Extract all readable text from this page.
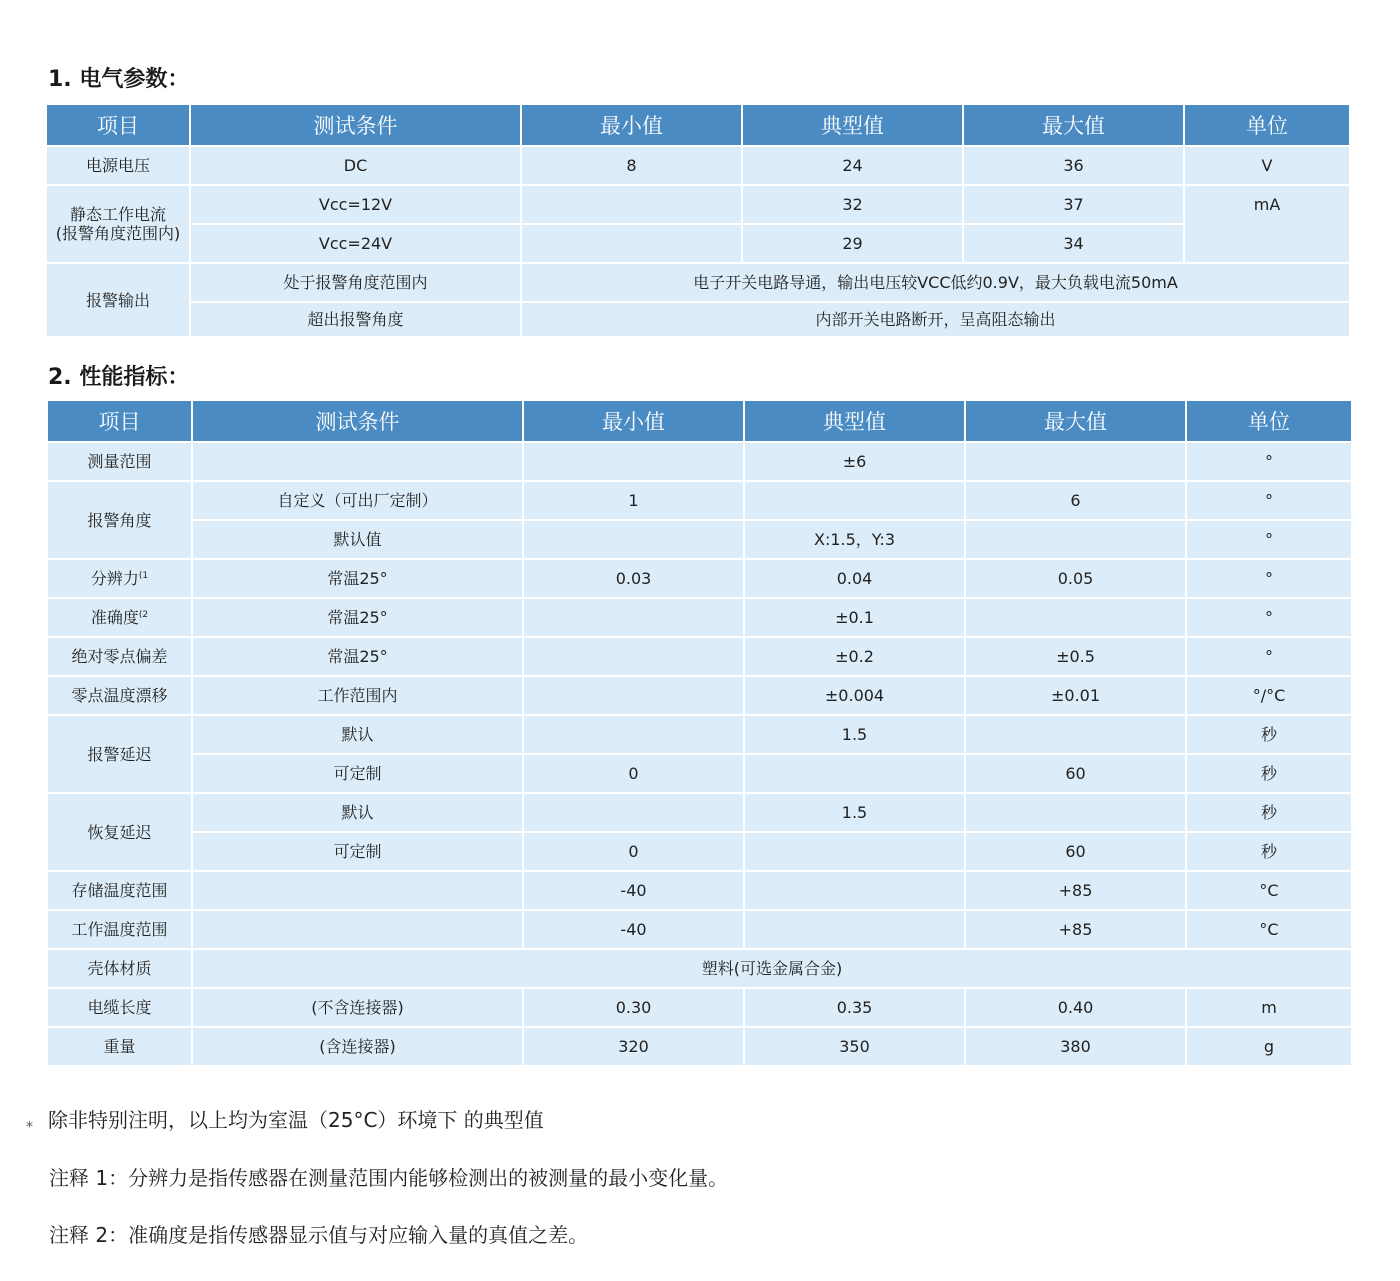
1. 电气参数：
项目	测试条件	最小值	典型值	最大值	单位
电源电压	DC	8	24	36	V
静态工作电流
(报警角度范围内)	Vcc=12V		32	37	mA
	Vcc=24V		29	34	
报警输出	处于报警角度范围内	电子开关电路导通，输出电压较VCC低约0.9V，最大负载电流50mA			
	超出报警角度	内部开关电路断开，呈高阻态输出			
2. 性能指标：
项目	测试条件	最小值	典型值	最大值	单位
测量范围			±6		°
报警角度	自定义（可出厂定制）	1		6	°
	默认值		X:1.5，Y:3		°
分辨力$^{(1}$	常温25°	0.03	0.04	0.05	°
准确度$^{(2}$	常温25°		±0.1		°
绝对零点偏差	常温25°		±0.2	±0.5	°
零点温度漂移	工作范围内		±0.004	±0.01	°/°C
报警延迟	默认		1.5		秒
	可定制	0		60	秒
恢复延迟	默认		1.5		秒
	可定制	0		60	秒
存储温度范围		-40		+85	°C
工作温度范围		-40		+85	°C
壳体材质	塑料(可选金属合金)				
电缆长度	(不含连接器)	0.30	0.35	0.40	m
重量	(含连接器)	320	350	380	g
⁎ 除非特别注明，以上均为室温（25°C）环境下 的典型值
注释 1：分辨力是指传感器在测量范围内能够检测出的被测量的最小变化量。
注释 2：准确度是指传感器显示值与对应输入量的真值之差。
